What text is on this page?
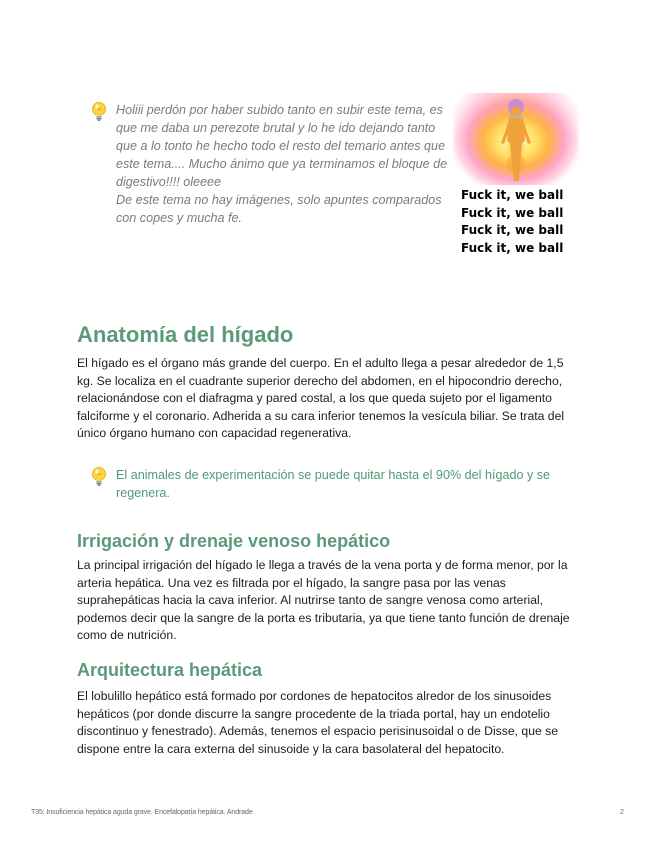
Holiii perdón por haber subido tanto en subir este tema, es
que me daba un perezote brutal y lo he ido dejando tanto
que a lo tonto he hecho todo el resto del temario antes que
este tema.... Mucho ánimo que ya terminamos el bloque de
digestivo!!!! oleeee
De este tema no hay imágenes, solo apuntes comparados
con copes y mucha fe.
Fuck it, we ball
Fuck it, we ball
Fuck it, we ball
Fuck it, we ball
Anatomía del hígado
El hígado es el órgano más grande del cuerpo. En el adulto llega a pesar alrededor de 1,5
kg. Se localiza en el cuadrante superior derecho del abdomen, en el hipocondrio derecho,
relacionándose con el diafragma y pared costal, a los que queda sujeto por el ligamento
falciforme y el coronario. Adherida a su cara inferior tenemos la vesícula biliar. Se trata del
único órgano humano con capacidad regenerativa.
El animales de experimentación se puede quitar hasta el 90% del hígado y se
regenera.
Irrigación y drenaje venoso hepático
La principal irrigación del hígado le llega a través de la vena porta y de forma menor, por la
arteria hepática. Una vez es filtrada por el hígado, la sangre pasa por las venas
suprahepáticas hacia la cava inferior. Al nutrirse tanto de sangre venosa como arterial,
podemos decir que la sangre de la porta es tributaria, ya que tiene tanto función de drenaje
como de nutrición.
Arquitectura hepática
El lobulillo hepático está formado por cordones de hepatocitos alredor de los sinusoides
hepáticos (por donde discurre la sangre procedente de la triada portal, hay un endotelio
discontinuo y fenestrado). Además, tenemos el espacio perisinusoidal o de Disse, que se
dispone entre la cara externa del sinusoide y la cara basolateral del hepatocito.
T35: Insuficiencia hepática aguda grave. Encefalopatía hepática. Andrade	2
